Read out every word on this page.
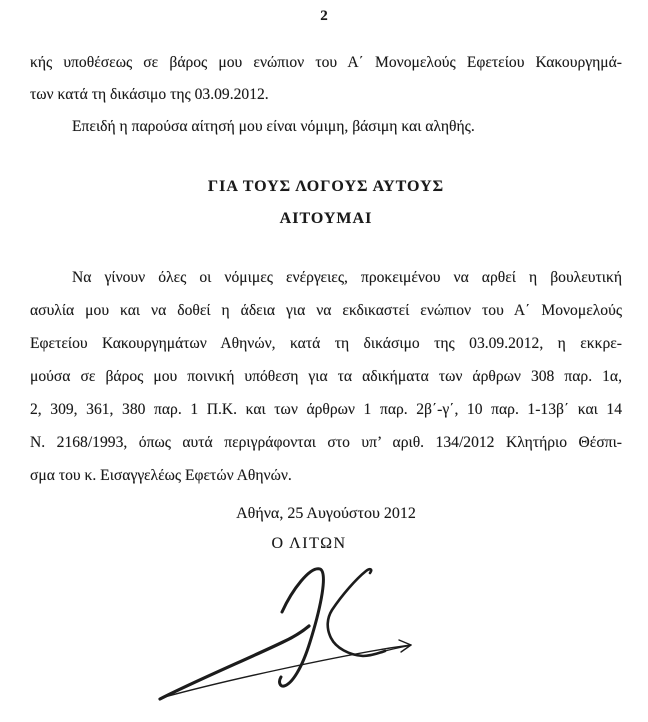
2
κής υποθέσεως σε βάρος μου ενώπιον του Α΄ Μονομελούς Εφετείου Κακουργημά-
των κατά τη δικάσιμο της 03.09.2012.
Επειδή η παρούσα αίτησή μου είναι νόμιμη, βάσιμη και αληθής.
ΓΙΑ ΤΟΥΣ ΛΟΓΟΥΣ ΑΥΤΟΥΣ
ΑΙΤΟΥΜΑΙ
Να γίνουν όλες οι νόμιμες ενέργειες, προκειμένου να αρθεί η βουλευτική
ασυλία μου και να δοθεί η άδεια για να εκδικαστεί ενώπιον του Α΄ Μονομελούς
Εφετείου Κακουργημάτων Αθηνών, κατά τη δικάσιμο της 03.09.2012, η εκκρε-
μούσα σε βάρος μου ποινική υπόθεση για τα αδικήματα των άρθρων 308 παρ. 1α,
2, 309, 361, 380 παρ. 1 Π.Κ. και των άρθρων 1 παρ. 2β΄-γ΄, 10 παρ. 1-13β΄ και 14
Ν. 2168/1993, όπως αυτά περιγράφονται στο υπ’ αριθ. 134/2012 Κλητήριο Θέσπι-
σμα του κ. Εισαγγελέως Εφετών Αθηνών.
Αθήνα, 25 Αυγούστου 2012
Ο ΛΙΤΩΝ
